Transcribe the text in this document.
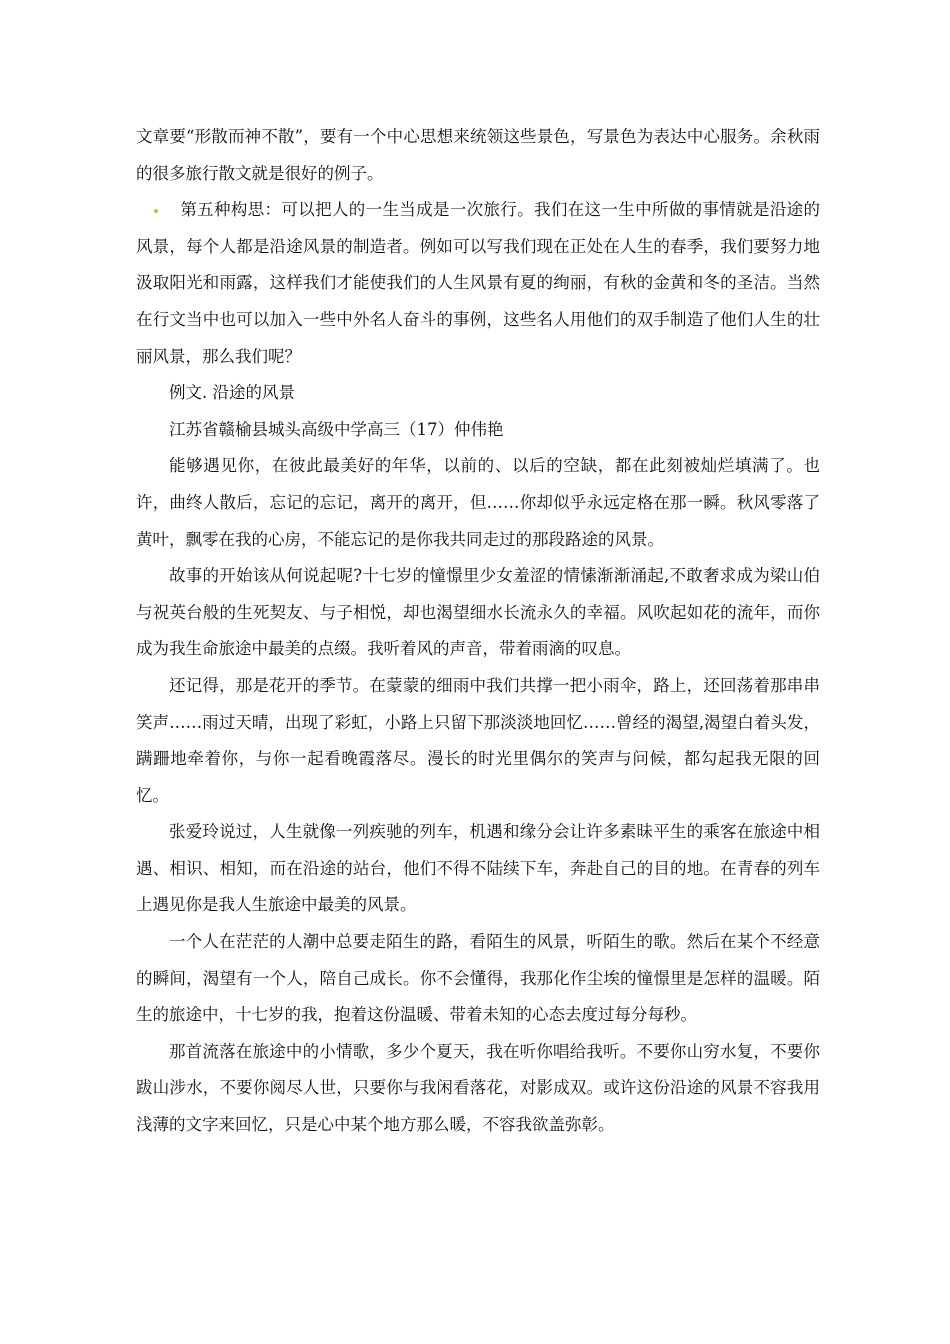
文章要“形散而神不散”，要有一个中心思想来统领这些景色，写景色为表达中心服务。余秋雨的很多旅行散文就是很好的例子。

第五种构思：可以把人的一生当成是一次旅行。我们在这一生中所做的事情就是沿途的风景，每个人都是沿途风景的制造者。例如可以写我们现在正处在人生的春季，我们要努力地汲取阳光和雨露，这样我们才能使我们的人生风景有夏的绚丽，有秋的金黄和冬的圣洁。当然在行文当中也可以加入一些中外名人奋斗的事例，这些名人用他们的双手制造了他们人生的壮丽风景，那么我们呢？

例文. 沿途的风景

江苏省赣榆县城头高级中学高三（17）仲伟艳

能够遇见你，在彼此最美好的年华，以前的、以后的空缺，都在此刻被灿烂填满了。也许，曲终人散后，忘记的忘记，离开的离开，但……你却似乎永远定格在那一瞬。秋风零落了黄叶，飘零在我的心房，不能忘记的是你我共同走过的那段路途的风景。

故事的开始该从何说起呢?十七岁的憧憬里少女羞涩的情愫渐渐涌起,不敢奢求成为梁山伯与祝英台般的生死契友、与子相悦，却也渴望细水长流永久的幸福。风吹起如花的流年，而你成为我生命旅途中最美的点缀。我听着风的声音，带着雨滴的叹息。

还记得，那是花开的季节。在蒙蒙的细雨中我们共撑一把小雨伞，路上，还回荡着那串串笑声……雨过天晴，出现了彩虹，小路上只留下那淡淡地回忆……曾经的渴望,渴望白着头发，蹒跚地牵着你，与你一起看晚霞落尽。漫长的时光里偶尔的笑声与问候，都勾起我无限的回忆。

张爱玲说过，人生就像一列疾驰的列车，机遇和缘分会让许多素昧平生的乘客在旅途中相遇、相识、相知，而在沿途的站台，他们不得不陆续下车，奔赴自己的目的地。在青春的列车上遇见你是我人生旅途中最美的风景。

一个人在茫茫的人潮中总要走陌生的路，看陌生的风景，听陌生的歌。然后在某个不经意的瞬间，渴望有一个人，陪自己成长。你不会懂得，我那化作尘埃的憧憬里是怎样的温暖。陌生的旅途中，十七岁的我，抱着这份温暖、带着未知的心态去度过每分每秒。

那首流落在旅途中的小情歌，多少个夏天，我在听你唱给我听。不要你山穷水复，不要你跋山涉水，不要你阅尽人世，只要你与我闲看落花，对影成双。或许这份沿途的风景不容我用浅薄的文字来回忆，只是心中某个地方那么暖，不容我欲盖弥彰。
